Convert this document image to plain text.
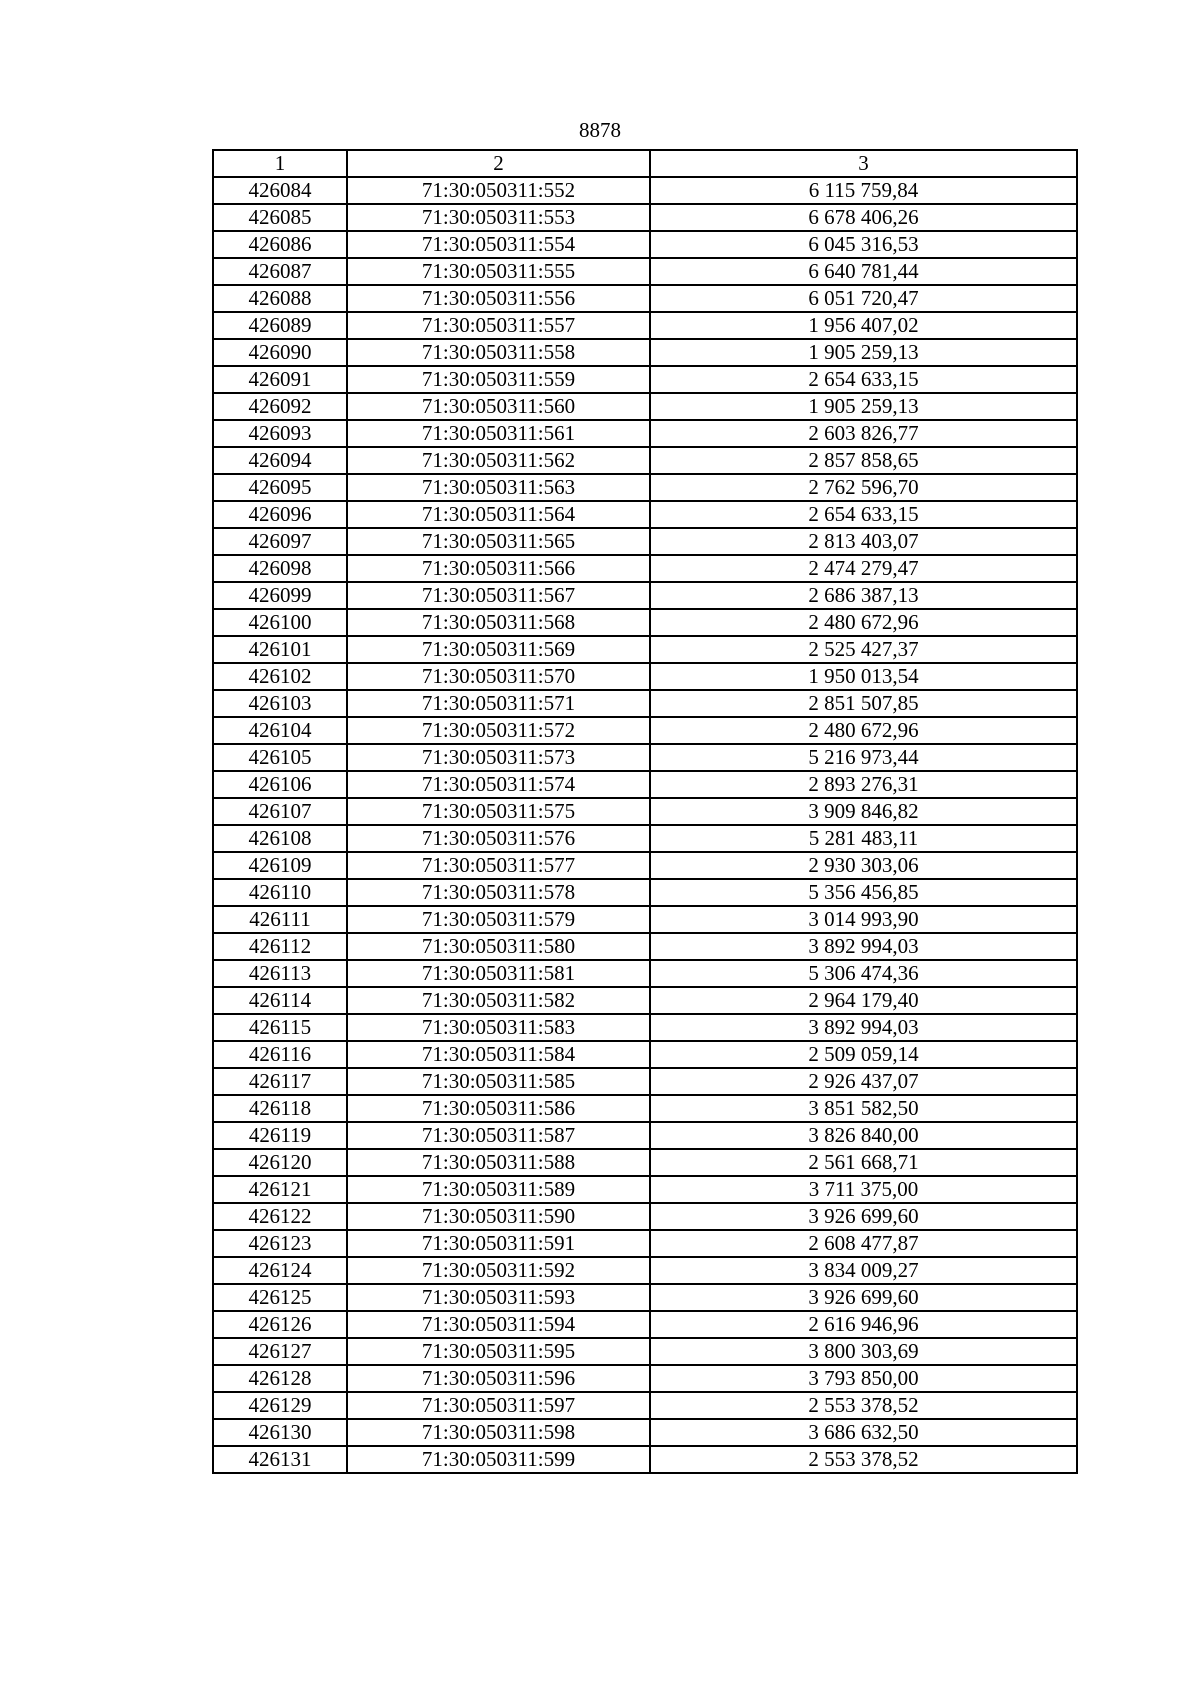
8878
1	2	3
426084	71:30:050311:552	6 115 759,84
426085	71:30:050311:553	6 678 406,26
426086	71:30:050311:554	6 045 316,53
426087	71:30:050311:555	6 640 781,44
426088	71:30:050311:556	6 051 720,47
426089	71:30:050311:557	1 956 407,02
426090	71:30:050311:558	1 905 259,13
426091	71:30:050311:559	2 654 633,15
426092	71:30:050311:560	1 905 259,13
426093	71:30:050311:561	2 603 826,77
426094	71:30:050311:562	2 857 858,65
426095	71:30:050311:563	2 762 596,70
426096	71:30:050311:564	2 654 633,15
426097	71:30:050311:565	2 813 403,07
426098	71:30:050311:566	2 474 279,47
426099	71:30:050311:567	2 686 387,13
426100	71:30:050311:568	2 480 672,96
426101	71:30:050311:569	2 525 427,37
426102	71:30:050311:570	1 950 013,54
426103	71:30:050311:571	2 851 507,85
426104	71:30:050311:572	2 480 672,96
426105	71:30:050311:573	5 216 973,44
426106	71:30:050311:574	2 893 276,31
426107	71:30:050311:575	3 909 846,82
426108	71:30:050311:576	5 281 483,11
426109	71:30:050311:577	2 930 303,06
426110	71:30:050311:578	5 356 456,85
426111	71:30:050311:579	3 014 993,90
426112	71:30:050311:580	3 892 994,03
426113	71:30:050311:581	5 306 474,36
426114	71:30:050311:582	2 964 179,40
426115	71:30:050311:583	3 892 994,03
426116	71:30:050311:584	2 509 059,14
426117	71:30:050311:585	2 926 437,07
426118	71:30:050311:586	3 851 582,50
426119	71:30:050311:587	3 826 840,00
426120	71:30:050311:588	2 561 668,71
426121	71:30:050311:589	3 711 375,00
426122	71:30:050311:590	3 926 699,60
426123	71:30:050311:591	2 608 477,87
426124	71:30:050311:592	3 834 009,27
426125	71:30:050311:593	3 926 699,60
426126	71:30:050311:594	2 616 946,96
426127	71:30:050311:595	3 800 303,69
426128	71:30:050311:596	3 793 850,00
426129	71:30:050311:597	2 553 378,52
426130	71:30:050311:598	3 686 632,50
426131	71:30:050311:599	2 553 378,52
